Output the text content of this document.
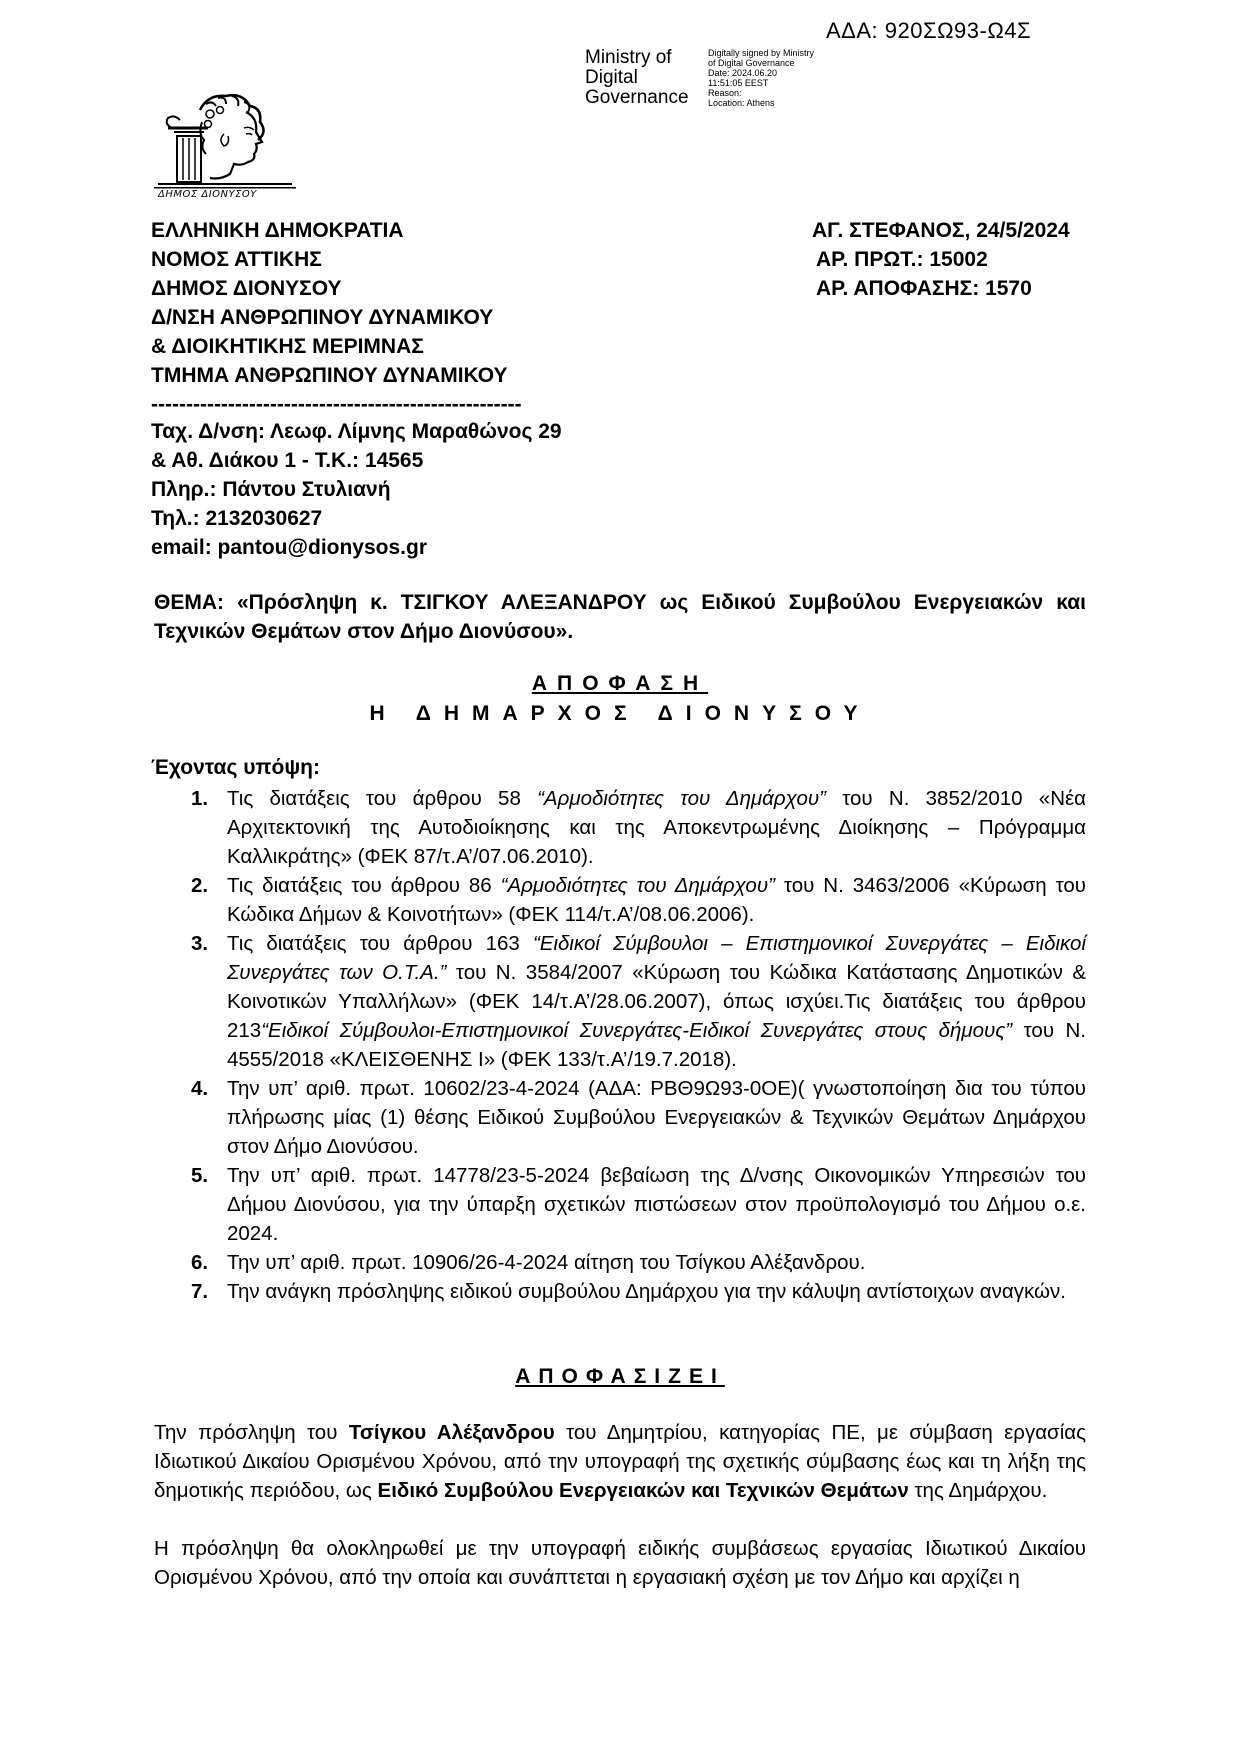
ΑΔΑ: 920ΣΩ93-Ω4Σ
Ministry of
Digital
Governance
Digitally signed by Ministry
of Digital Governance
Date: 2024.06.20
11:51:05 EEST
Reason:
Location: Athens
ΔΗΜΟΣ ΔΙΟΝΥΣΟΥ
ΕΛΛΗΝΙΚΗ ΔΗΜΟΚΡΑΤΙΑ
ΝΟΜΟΣ ΑΤΤΙΚΗΣ
ΔΗΜΟΣ ΔΙΟΝΥΣΟΥ
Δ/ΝΣΗ ΑΝΘΡΩΠΙΝΟΥ ΔΥΝΑΜΙΚΟΥ
& ΔΙΟΙΚΗΤΙΚΗΣ ΜΕΡΙΜΝΑΣ
ΤΜΗΜΑ ΑΝΘΡΩΠΙΝΟΥ ΔΥΝΑΜΙΚΟΥ
-----------------------------------------------------
ΑΓ. ΣΤΕΦΑΝΟΣ, 24/5/2024
ΑΡ. ΠΡΩΤ.: 15002
ΑΡ. ΑΠΟΦΑΣΗΣ: 1570
Ταχ. Δ/νση: Λεωφ. Λίμνης Μαραθώνος 29
& Αθ. Διάκου 1 - Τ.Κ.: 14565
Πληρ.: Πάντου Στυλιανή
Τηλ.: 2132030627
email: pantou@dionysos.gr
ΘΕΜΑ: «Πρόσληψη κ. ΤΣΙΓΚΟΥ ΑΛΕΞΑΝΔΡΟΥ ως Ειδικού Συμβούλου Ενεργειακών και
Τεχνικών Θεμάτων στον Δήμο Διονύσου».
ΑΠΟΦΑΣΗ
Η ΔΗΜΑΡΧΟΣ ΔΙΟΝΥΣΟΥ
Έχοντας υπόψη:
1. Τις διατάξεις του άρθρου 58 “Αρμοδιότητες του Δημάρχου” του Ν. 3852/2010 «Νέα Αρχιτεκτονική της Αυτοδιοίκησης και της Αποκεντρωμένης Διοίκησης – Πρόγραμμα Καλλικράτης» (ΦΕΚ 87/τ.Α’/07.06.2010).
2. Τις διατάξεις του άρθρου 86 “Αρμοδιότητες του Δημάρχου” του Ν. 3463/2006 «Κύρωση του Κώδικα Δήμων & Κοινοτήτων» (ΦΕΚ 114/τ.Α’/08.06.2006).
3. Τις διατάξεις του άρθρου 163 “Ειδικοί Σύμβουλοι – Επιστημονικοί Συνεργάτες – Ειδικοί Συνεργάτες των Ο.Τ.Α.” του Ν. 3584/2007 «Κύρωση του Κώδικα Κατάστασης Δημοτικών & Κοινοτικών Υπαλλήλων» (ΦΕΚ 14/τ.Α’/28.06.2007), όπως ισχύει.Τις διατάξεις του άρθρου 213“Ειδικοί Σύμβουλοι-Επιστημονικοί Συνεργάτες-Ειδικοί Συνεργάτες στους δήμους” του Ν. 4555/2018 «ΚΛΕΙΣΘΕΝΗΣ Ι» (ΦΕΚ 133/τ.Α’/19.7.2018).
4. Την υπ’ αριθ. πρωτ. 10602/23-4-2024 (ΑΔΑ: ΡΒΘ9Ω93-0ΟΕ)( γνωστοποίηση δια του τύπου πλήρωσης μίας (1) θέσης Ειδικού Συμβούλου Ενεργειακών & Τεχνικών Θεμάτων Δημάρχου στον Δήμο Διονύσου.
5. Την υπ’ αριθ. πρωτ. 14778/23-5-2024 βεβαίωση της Δ/νσης Οικονομικών Υπηρεσιών του Δήμου Διονύσου, για την ύπαρξη σχετικών πιστώσεων στον προϋπολογισμό του Δήμου ο.ε. 2024.
6. Την υπ’ αριθ. πρωτ. 10906/26-4-2024 αίτηση του Τσίγκου Αλέξανδρου.
7. Την ανάγκη πρόσληψης ειδικού συμβούλου Δημάρχου για την κάλυψη αντίστοιχων αναγκών.
ΑΠΟΦΑΣΙΖΕΙ
Την πρόσληψη του Τσίγκου Αλέξανδρου του Δημητρίου, κατηγορίας ΠΕ, με σύμβαση εργασίας Ιδιωτικού Δικαίου Ορισμένου Χρόνου, από την υπογραφή της σχετικής σύμβασης έως και τη λήξη της δημοτικής περιόδου, ως Ειδικό Συμβούλου Ενεργειακών και Τεχνικών Θεμάτων της Δημάρχου.
Η πρόσληψη θα ολοκληρωθεί με την υπογραφή ειδικής συμβάσεως εργασίας Ιδιωτικού Δικαίου Ορισμένου Χρόνου, από την οποία και συνάπτεται η εργασιακή σχέση με τον Δήμο και αρχίζει η
